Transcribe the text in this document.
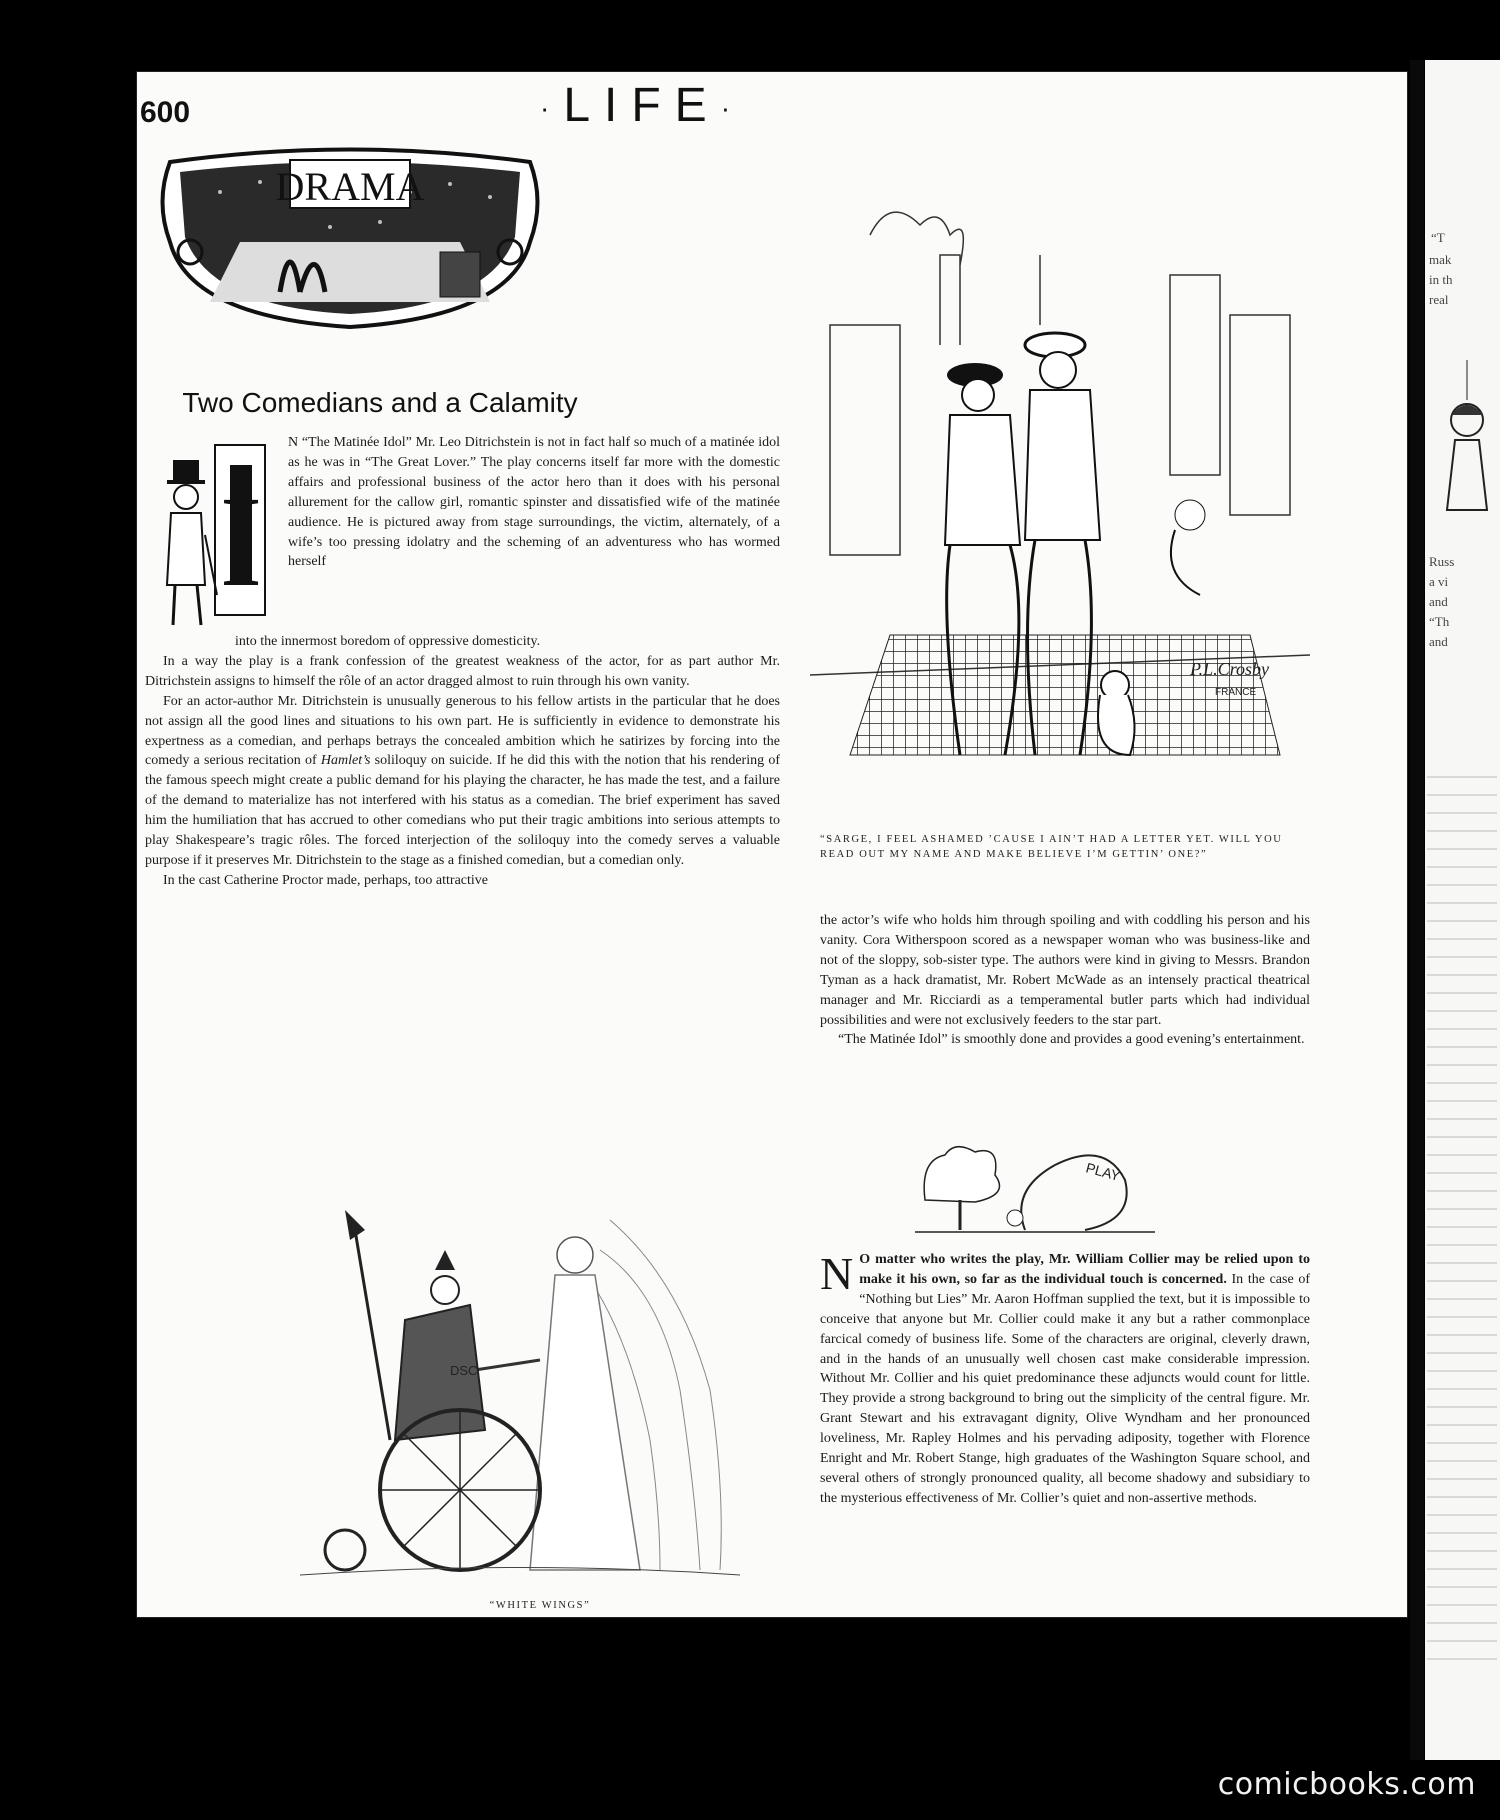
“T
mak
in th
real
Russ
a vi
and
“Th
and
600	·LIFE·
DRAMA
Two Comedians and a Calamity
I

N “The Matinée Idol” Mr. Leo Ditrichstein is not in fact half so much of a matinée idol as he was in “The Great Lover.” The play concerns itself far more with the domestic affairs and professional business of the actor hero than it does with his personal allurement for the callow girl, romantic spinster and dissatisfied wife of the matinée audience. He is pictured away from stage surroundings, the victim, alternately, of a wife’s too pressing idolatry and the scheming of an adventuress who has wormed herself

into the innermost boredom of oppressive domesticity.

In a way the play is a frank confession of the greatest weakness of the actor, for as part author Mr. Ditrichstein assigns to himself the rôle of an actor dragged almost to ruin through his own vanity.

For an actor-author Mr. Ditrichstein is unusually generous to his fellow artists in the particular that he does not assign all the good lines and situations to his own part. He is sufficiently in evidence to demonstrate his expertness as a comedian, and perhaps betrays the concealed ambition which he satirizes by forcing into the comedy a serious recitation of Hamlet’s soliloquy on suicide. If he did this with the notion that his rendering of the famous speech might create a public demand for his playing the character, he has made the test, and a failure of the demand to materialize has not interfered with his status as a comedian. The brief experiment has saved him the humiliation that has accrued to other comedians who put their tragic ambitions into serious attempts to play Shakespeare’s tragic rôles. The forced interjection of the soliloquy into the comedy serves a valuable purpose if it preserves Mr. Ditrichstein to the stage as a finished comedian, but a comedian only.

In the cast Catherine Proctor made, perhaps, too attractive

P.L.Crosby
FRANCE
“SARGE, I FEEL ASHAMED ’CAUSE I AIN’T HAD A LETTER YET. WILL YOU READ OUT MY NAME AND MAKE BELIEVE I’M GETTIN’ ONE?”

the actor’s wife who holds him through spoiling and with coddling his person and his vanity. Cora Witherspoon scored as a newspaper woman who was business-like and not of the sloppy, sob-sister type. The authors were kind in giving to Messrs. Brandon Tyman as a hack dramatist, Mr. Robert McWade as an intensely practical theatrical manager and Mr. Ricciardi as a temperamental butler parts which had individual possibilities and were not exclusively feeders to the star part.

“The Matinée Idol” is smoothly done and provides a good evening’s entertainment.

PLAY
N O matter who writes the play, Mr. William Collier may be relied upon to make it his own, so far as the individual touch is concerned. In the case of “Nothing but Lies” Mr. Aaron Hoffman supplied the text, but it is impossible to conceive that anyone but Mr. Collier could make it any but a rather commonplace farcical comedy of business life. Some of the characters are original, cleverly drawn, and in the hands of an unusually well chosen cast make considerable impression. Without Mr. Collier and his quiet predominance these adjuncts would count for little. They provide a strong background to bring out the simplicity of the central figure. Mr. Grant Stewart and his extravagant dignity, Olive Wyndham and her pronounced loveliness, Mr. Rapley Holmes and his pervading adiposity, together with Florence Enright and Mr. Robert Stange, high graduates of the Washington Square school, and several others of strongly pronounced quality, all become shadowy and subsidiary to the mysterious effectiveness of Mr. Collier’s quiet and non-assertive methods.

DSC
“WHITE WINGS”
comicbooks.com
